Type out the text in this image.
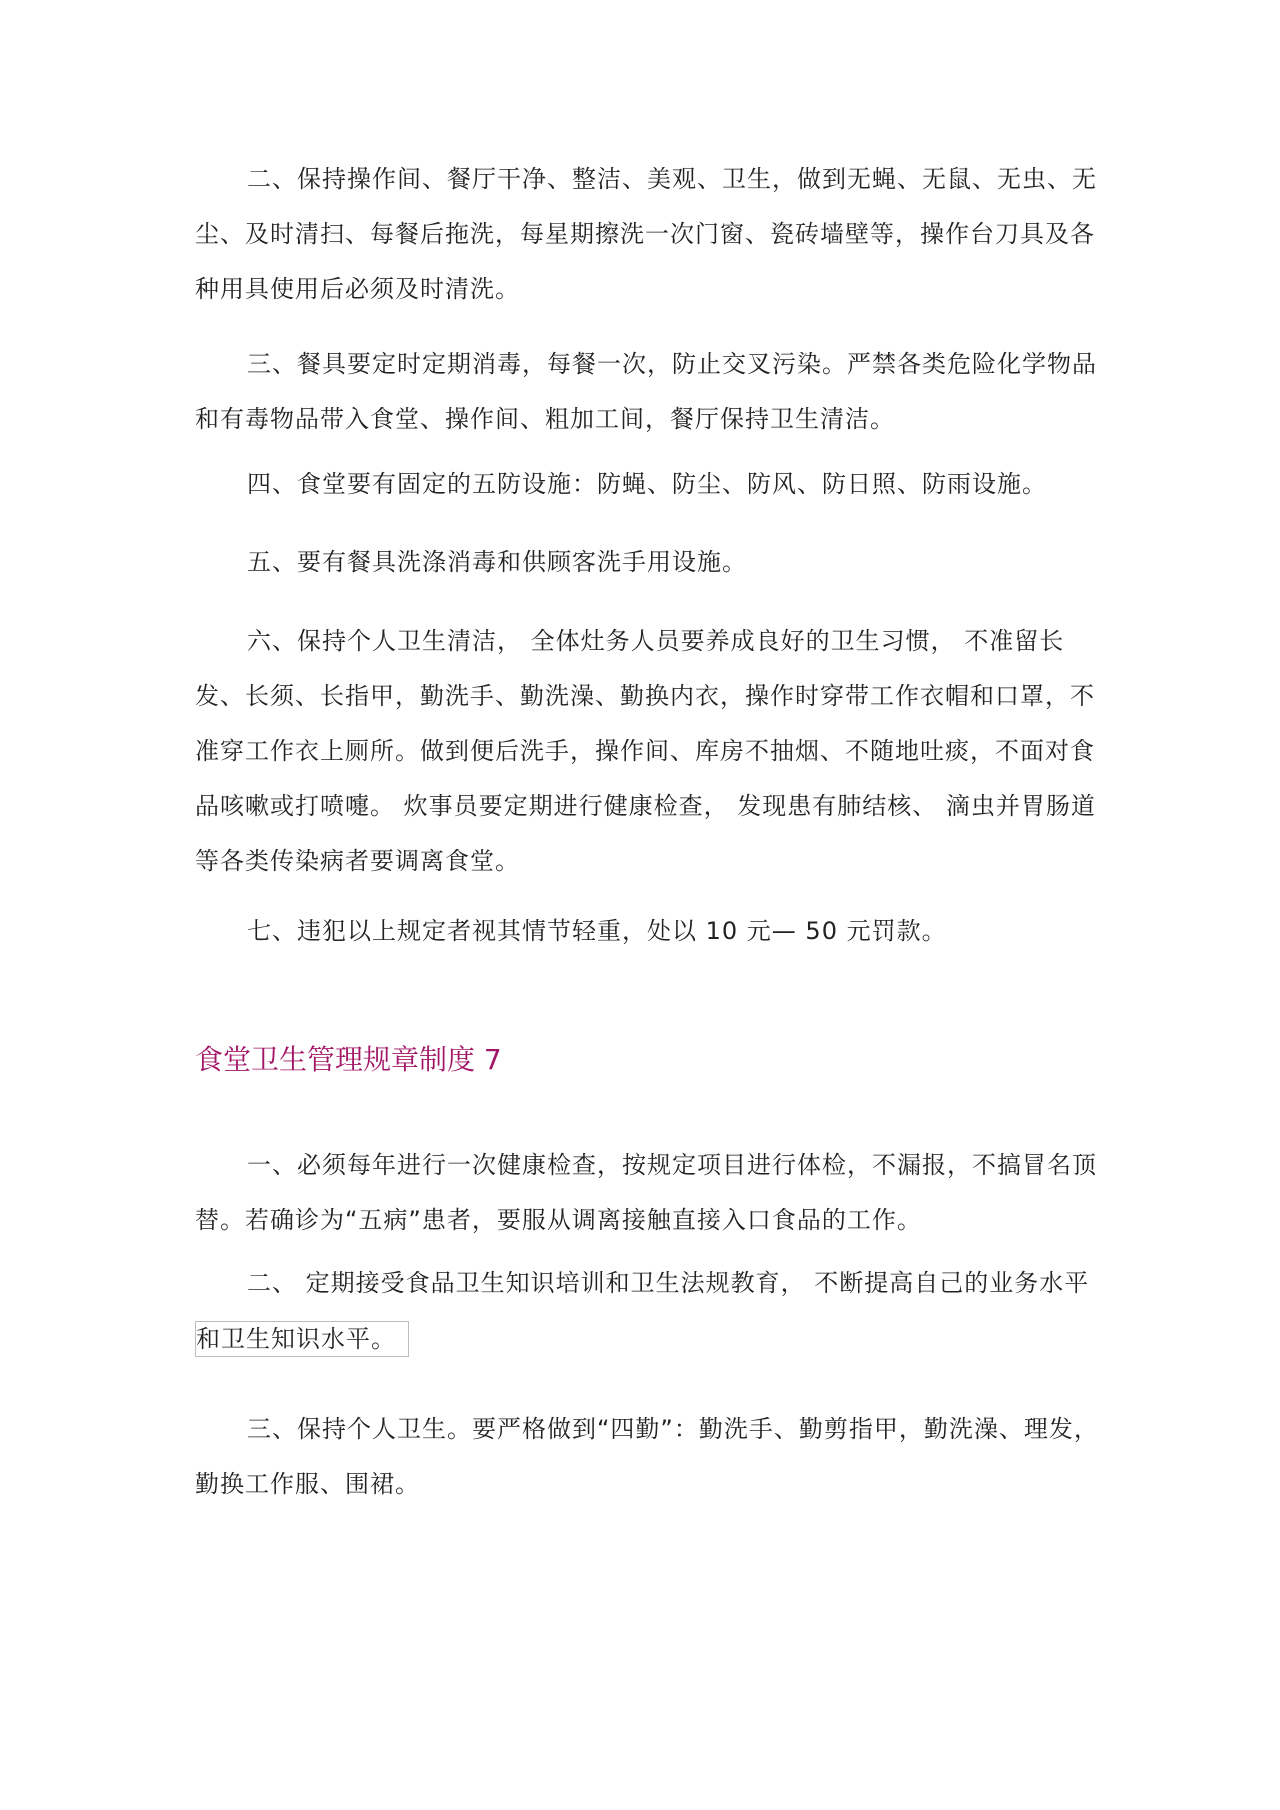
二、保持操作间、餐厅干净、整洁、美观、卫生，做到无蝇、无鼠、无虫、无尘、及时清扫、每餐后拖洗，每星期擦洗一次门窗、瓷砖墙壁等，操作台刀具及各种用具使用后必须及时清洗。

三、餐具要定时定期消毒，每餐一次，防止交叉污染。严禁各类危险化学物品和有毒物品带入食堂、操作间、粗加工间，餐厅保持卫生清洁。

四、食堂要有固定的五防设施：防蝇、防尘、防风、防日照、防雨设施。

五、要有餐具洗涤消毒和供顾客洗手用设施。

六、保持个人卫生清洁， 全体灶务人员要养成良好的卫生习惯， 不准留长发、长须、长指甲，勤洗手、勤洗澡、勤换内衣，操作时穿带工作衣帽和口罩，不准穿工作衣上厕所。做到便后洗手，操作间、库房不抽烟、不随地吐痰，不面对食品咳嗽或打喷嚏。 炊事员要定期进行健康检查， 发现患有肺结核、 滴虫并胃肠道等各类传染病者要调离食堂。

七、违犯以上规定者视其情节轻重，处以 10 元— 50 元罚款。

食堂卫生管理规章制度 7

一、必须每年进行一次健康检查，按规定项目进行体检，不漏报，不搞冒名顶替。若确诊为“五病”患者，要服从调离接触直接入口食品的工作。

二、 定期接受食品卫生知识培训和卫生法规教育， 不断提高自己的业务水平
和卫生知识水平。

三、保持个人卫生。要严格做到“四勤”：勤洗手、勤剪指甲，勤洗澡、理发，勤换工作服、围裙。
